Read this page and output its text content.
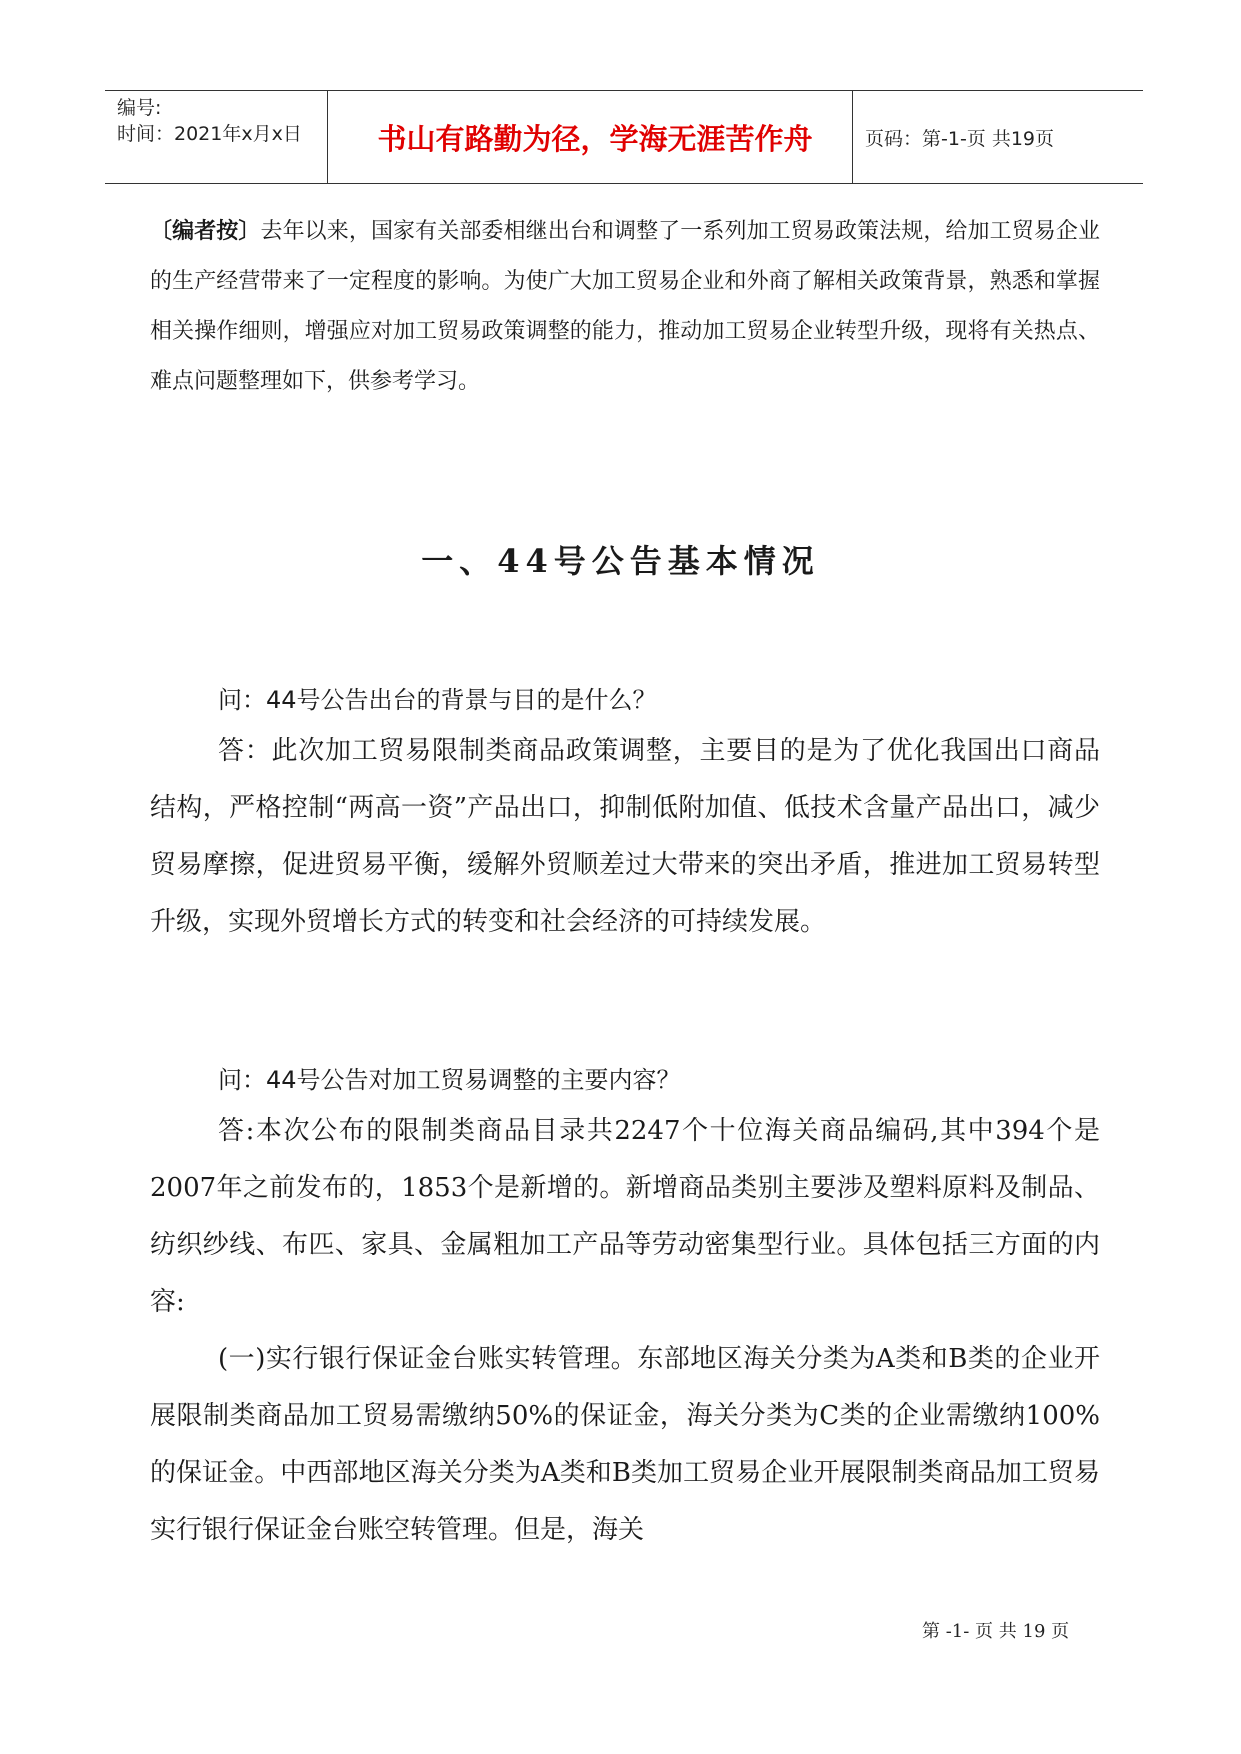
编号:
时间：2021年x月x日	书山有路勤为径，学海无涯苦作舟	页码：第-1-页 共19页

〔编者按〕去年以来，国家有关部委相继出台和调整了一系列加工贸易政策法规，给加工贸易企业的生产经营带来了一定程度的影响。为使广大加工贸易企业和外商了解相关政策背景，熟悉和掌握相关操作细则，增强应对加工贸易政策调整的能力，推动加工贸易企业转型升级，现将有关热点、难点问题整理如下，供参考学习。

一、44号公告基本情况
问：44号公告出台的背景与目的是什么？

答：此次加工贸易限制类商品政策调整，主要目的是为了优化我国出口商品结构，严格控制“两高一资”产品出口，抑制低附加值、低技术含量产品出口，减少贸易摩擦，促进贸易平衡，缓解外贸顺差过大带来的突出矛盾，推进加工贸易转型升级，实现外贸增长方式的转变和社会经济的可持续发展。

问：44号公告对加工贸易调整的主要内容？

答:本次公布的限制类商品目录共2247个十位海关商品编码,其中394个是2007年之前发布的，1853个是新增的。新增商品类别主要涉及塑料原料及制品、纺织纱线、布匹、家具、金属粗加工产品等劳动密集型行业。具体包括三方面的内容:

(一)实行银行保证金台账实转管理。东部地区海关分类为A类和B类的企业开展限制类商品加工贸易需缴纳50%的保证金，海关分类为C类的企业需缴纳100%的保证金。中西部地区海关分类为A类和B类加工贸易企业开展限制类商品加工贸易实行银行保证金台账空转管理。但是，海关

第 -1- 页 共 19 页
